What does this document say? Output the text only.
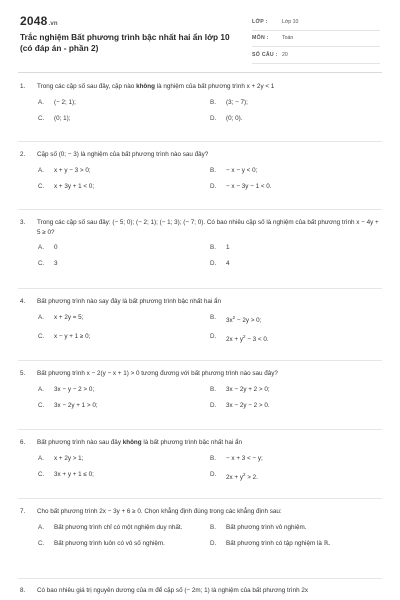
2048.vn
Trắc nghiệm Bất phương trình bậc nhất hai ẩn lớp 10 (có đáp án - phần 2)
LỚP :	Lớp 10
MÔN :	Toán
SỐ CÂU : 20
1.	Trong các cặp số sau đây, cặp nào không là nghiệm của bất phương trình x + 2y < 1
A.	(− 2; 1);	B.	(3; − 7);
C.	(0; 1);	D.	(0; 0).
2.	Cặp số (0; − 3) là nghiệm của bất phương trình nào sau đây?
A.	x + y − 3 > 0;	B.	− x − y < 0;
C.	x + 3y + 1 < 0;	D.	− x − 3y − 1 < 0.
3.	Trong các cặp số sau đây: (− 5; 0); (− 2; 1); (− 1; 3); (− 7; 0). Có bao nhiêu cặp số là nghiệm của bất phương trình x − 4y + 5 ≥ 0?
A.	0	B.	1
C.	3	D.	4
4.	Bất phương trình nào say đây là bất phương trình bậc nhất hai ẩn
A.	x + 2y = 5;	B.	$3x^2 - 2y > 0$;
C.	x − y + 1 ≥ 0;	D.	$2x + y^2 - 3 < 0$.
5.	Bất phương trình x − 2(y − x + 1) > 0 tương đương với bất phương trình nào sau đây?
A.	3x − y − 2 > 0;	B.	3x − 2y + 2 > 0;
C.	3x − 2y + 1 > 0;	D.	3x − 2y − 2 > 0.
6.	Bất phương trình nào sau đây không là bất phương trình bậc nhất hai ẩn
A.	x + 2y > 1;	B.	− x + 3 < − y;
C.	3x + y + 1 ≤ 0;	D.	$2x + y^2 > 2$.
7.	Cho bất phương trình 2x − 3y + 6 ≥ 0. Chọn khẳng định đúng trong các khẳng định sau:
A.	Bất phương trình chỉ có một nghiệm duy nhất.	B.	Bất phương trình vô nghiệm.
C.	Bất phương trình luôn có vô số nghiệm.	D.	Bất phương trình có tập nghiệm là ℝ.
8.	Có bao nhiêu giá trị nguyên dương của m để cặp số (− 2m; 1) là nghiệm của bất phương trình 2x
